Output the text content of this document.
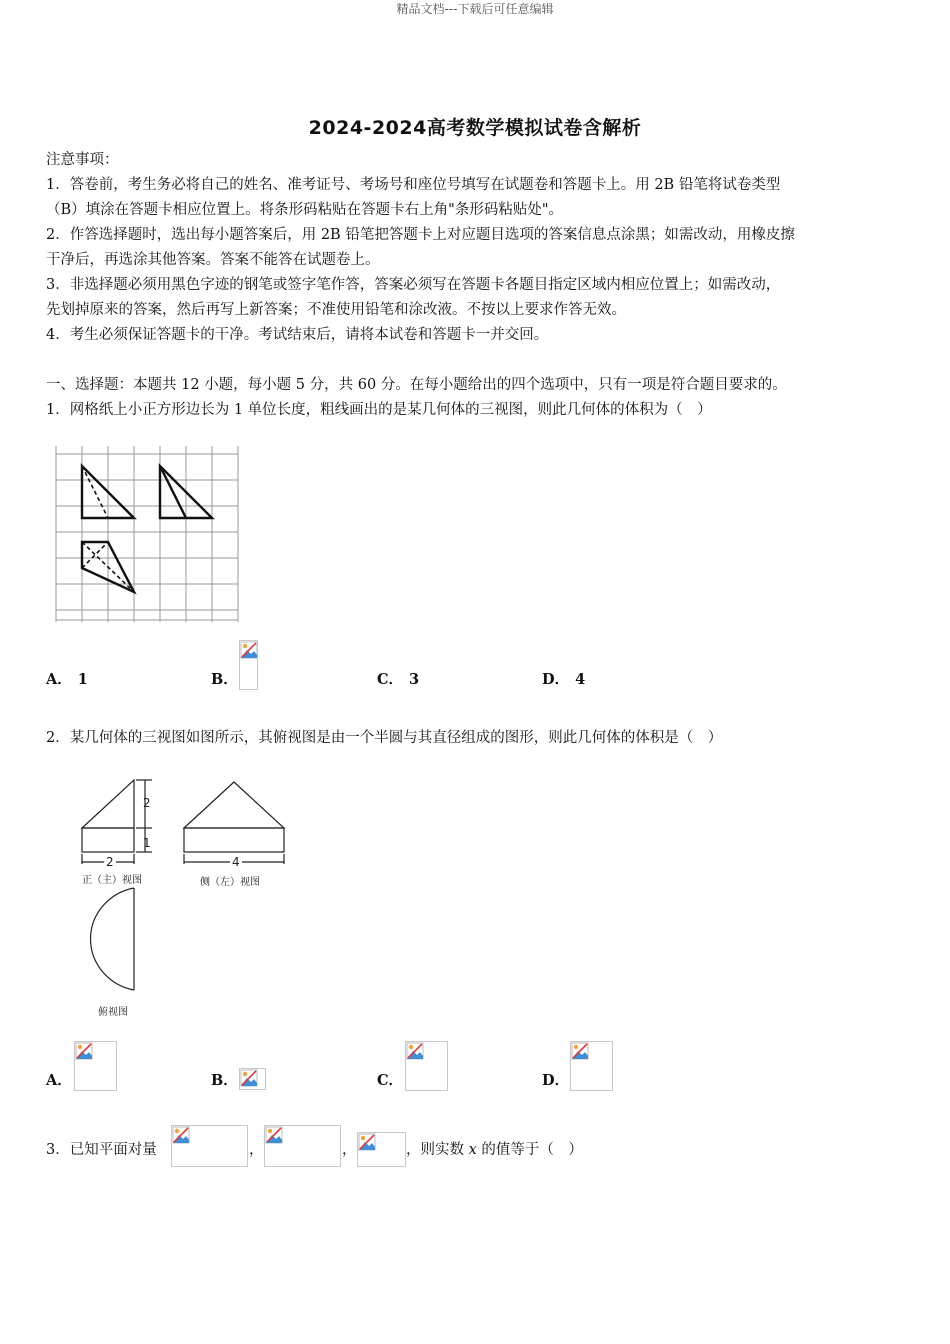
精品文档---下载后可任意编辑
2024-2024高考数学模拟试卷含解析
注意事项：
1．答卷前，考生务必将自己的姓名、准考证号、考场号和座位号填写在试题卷和答题卡上。用 2B 铅笔将试卷类型
（B）填涂在答题卡相应位置上。将条形码粘贴在答题卡右上角"条形码粘贴处"。
2．作答选择题时，选出每小题答案后，用 2B 铅笔把答题卡上对应题目选项的答案信息点涂黑；如需改动，用橡皮擦
干净后，再选涂其他答案。答案不能答在试题卷上。
3．非选择题必须用黑色字迹的钢笔或签字笔作答，答案必须写在答题卡各题目指定区域内相应位置上；如需改动，
先划掉原来的答案，然后再写上新答案；不准使用铅笔和涂改液。不按以上要求作答无效。
4．考生必须保证答题卡的干净。考试结束后，请将本试卷和答题卡一并交回。
一、选择题：本题共 12 小题，每小题 5 分，共 60 分。在每小题给出的四个选项中，只有一项是符合题目要求的。
1．网格纸上小正方形边长为 1 单位长度，粗线画出的是某几何体的三视图，则此几何体的体积为（　）
A． 1	B．	C． 3	D． 4
2．某几何体的三视图如图所示，其俯视图是由一个半圆与其直径组成的图形，则此几何体的体积是（　）
2
1
2
正（主）视图
4
侧（左）视图
俯视图
A．	B．	C．	D．
3．已知平面对量	，	，	，则实数 x 的值等于（　）
